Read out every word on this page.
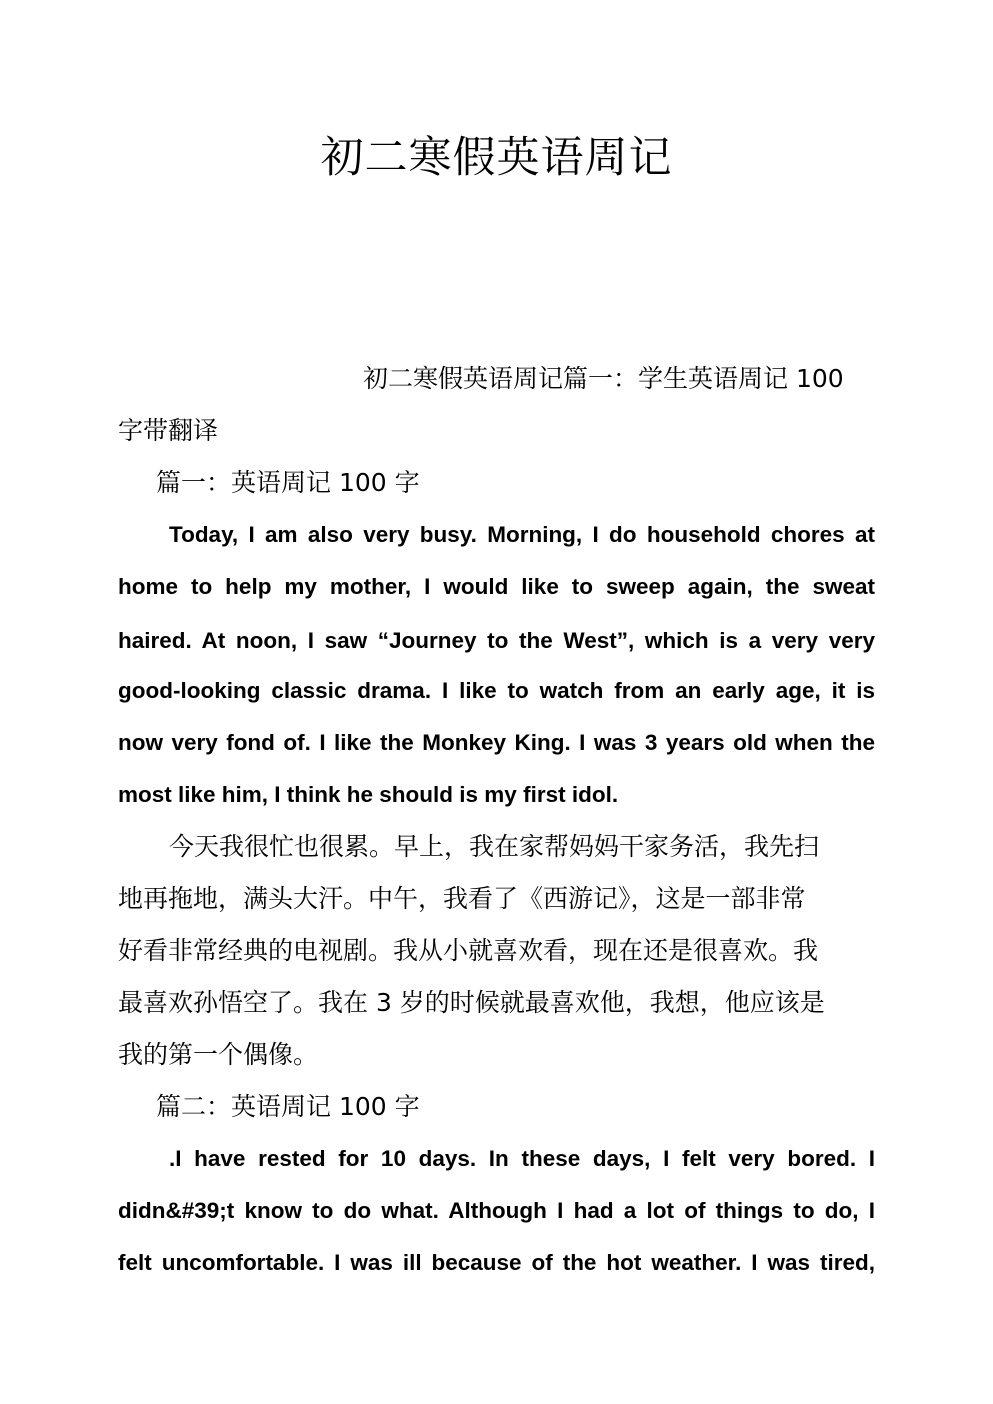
初二寒假英语周记

初二寒假英语周记篇一：学生英语周记 100

字带翻译

篇一：英语周记 100 字

Today, I am also very busy. Morning, I do household chores at

home to help my mother, I would like to sweep again, the sweat

haired. At noon, I saw “Journey to the West”, which is a very very

good-looking classic drama. I like to watch from an early age, it is

now very fond of. I like the Monkey King. I was 3 years old when the

most like him, I think he should is my first idol.

今天我很忙也很累。早上，我在家帮妈妈干家务活，我先扫

地再拖地，满头大汗。中午，我看了《西游记》，这是一部非常

好看非常经典的电视剧。我从小就喜欢看，现在还是很喜欢。我

最喜欢孙悟空了。我在 3 岁的时候就最喜欢他，我想，他应该是

我的第一个偶像。

篇二：英语周记 100 字

.I have rested for 10 days. In these days, I felt very bored. I

didn&#39;t know to do what. Although I had a lot of things to do, I

felt uncomfortable. I was ill because of the hot weather. I was tired,
